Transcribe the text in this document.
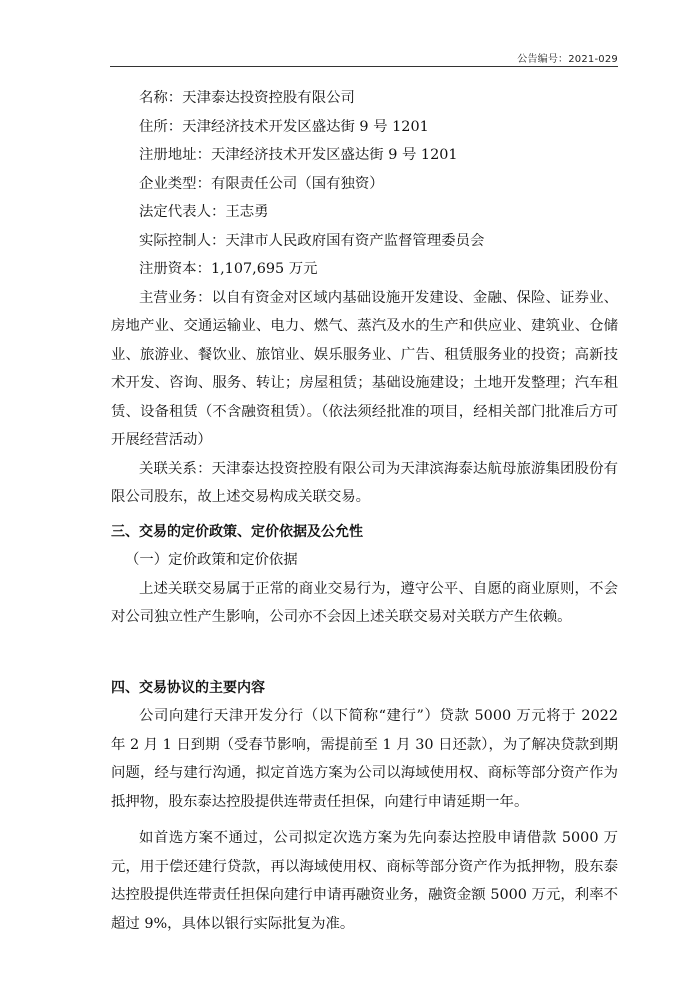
公告编号：2021-029

名称：天津泰达投资控股有限公司

住所：天津经济技术开发区盛达街 9 号 1201

注册地址：天津经济技术开发区盛达街 9 号 1201

企业类型：有限责任公司（国有独资）

法定代表人：王志勇

实际控制人：天津市人民政府国有资产监督管理委员会

注册资本：1,107,695 万元

主营业务：以自有资金对区域内基础设施开发建设、金融、保险、证券业、房地产业、交通运输业、电力、燃气、蒸汽及水的生产和供应业、建筑业、仓储业、旅游业、餐饮业、旅馆业、娱乐服务业、广告、租赁服务业的投资；高新技术开发、咨询、服务、转让；房屋租赁；基础设施建设；土地开发整理；汽车租赁、设备租赁（不含融资租赁）。（依法须经批准的项目，经相关部门批准后方可开展经营活动）

关联关系：天津泰达投资控股有限公司为天津滨海泰达航母旅游集团股份有限公司股东，故上述交易构成关联交易。

三、交易的定价政策、定价依据及公允性

（一）定价政策和定价依据

上述关联交易属于正常的商业交易行为，遵守公平、自愿的商业原则，不会对公司独立性产生影响，公司亦不会因上述关联交易对关联方产生依赖。

四、交易协议的主要内容

公司向建行天津开发分行（以下简称“建行”）贷款 5000 万元将于 2022 年 2 月 1 日到期（受春节影响，需提前至 1 月 30 日还款），为了解决贷款到期问题，经与建行沟通，拟定首选方案为公司以海域使用权、商标等部分资产作为抵押物，股东泰达控股提供连带责任担保，向建行申请延期一年。

如首选方案不通过，公司拟定次选方案为先向泰达控股申请借款 5000 万元，用于偿还建行贷款，再以海域使用权、商标等部分资产作为抵押物，股东泰达控股提供连带责任担保向建行申请再融资业务，融资金额 5000 万元，利率不超过 9%，具体以银行实际批复为准。
